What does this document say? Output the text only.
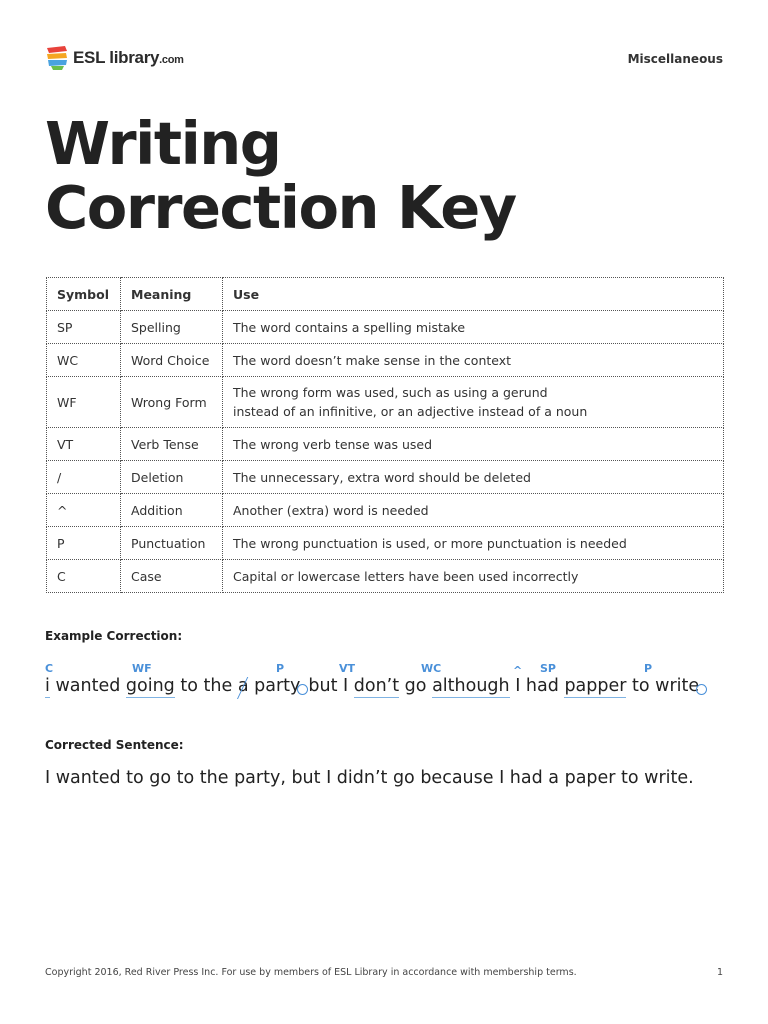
ESL library.com	Miscellaneous
Writing
Correction Key
Symbol	Meaning	Use
SP	Spelling	The word contains a spelling mistake
WC	Word Choice	The word doesn’t make sense in the context
WF	Wrong Form	The wrong form was used, such as using a gerund
instead of an infinitive, or an adjective instead of a noun
VT	Verb Tense	The wrong verb tense was used
/	Deletion	The unnecessary, extra word should be deleted
^	Addition	Another (extra) word is needed
P	Punctuation	The wrong punctuation is used, or more punctuation is needed
C	Case	Capital or lowercase letters have been used incorrectly
Example Correction:
C	WF	P	VT	WC	^ SP	P
i wanted going to the a party but I don’t go although I had papper to write
Corrected Sentence:
I wanted to go to the party, but I didn’t go because I had a paper to write.
Copyright 2016, Red River Press Inc. For use by members of ESL Library in accordance with membership terms.	1
